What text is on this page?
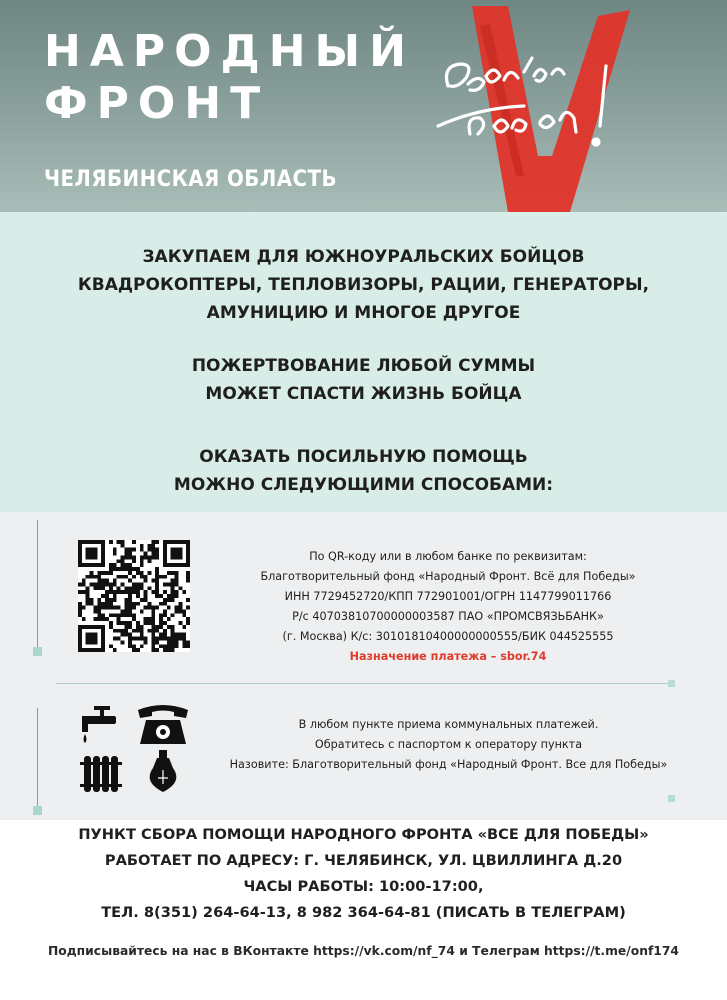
НАРОДНЫЙ
ФРОНТ
ЧЕЛЯБИНСКАЯ ОБЛАСТЬ
ЗАКУПАЕМ ДЛЯ ЮЖНОУРАЛЬСКИХ БОЙЦОВ
КВАДРОКОПТЕРЫ, ТЕПЛОВИЗОРЫ, РАЦИИ, ГЕНЕРАТОРЫ,
АМУНИЦИЮ И МНОГОЕ ДРУГОЕ
ПОЖЕРТВОВАНИЕ ЛЮБОЙ СУММЫ
МОЖЕТ СПАСТИ ЖИЗНЬ БОЙЦА
ОКАЗАТЬ ПОСИЛЬНУЮ ПОМОЩЬ
МОЖНО СЛЕДУЮЩИМИ СПОСОБАМИ:
По QR-коду или в любом банке по реквизитам:
Благотворительный фонд «Народный Фронт. Всё для Победы»
ИНН 7729452720/КПП 772901001/ОГРН 1147799011766
Р/с 40703810700000003587 ПАО «ПРОМСВЯЗЬБАНК»
(г. Москва) К/с: 30101810400000000555/БИК 044525555
Назначение платежа – sbor.74
В любом пункте приема коммунальных платежей.
Обратитесь с паспортом к оператору пункта
Назовите: Благотворительный фонд «Народный Фронт. Все для Победы»
ПУНКТ СБОРА ПОМОЩИ НАРОДНОГО ФРОНТА «ВСЕ ДЛЯ ПОБЕДЫ»
РАБОТАЕТ ПО АДРЕСУ: Г. ЧЕЛЯБИНСК, УЛ. ЦВИЛЛИНГА Д.20
ЧАСЫ РАБОТЫ: 10:00-17:00,
ТЕЛ. 8(351) 264-64-13, 8 982 364-64-81 (ПИСАТЬ В ТЕЛЕГРАМ)
Подписывайтесь на нас в ВКонтакте https://vk.com/nf_74 и Телеграм https://t.me/onf174
